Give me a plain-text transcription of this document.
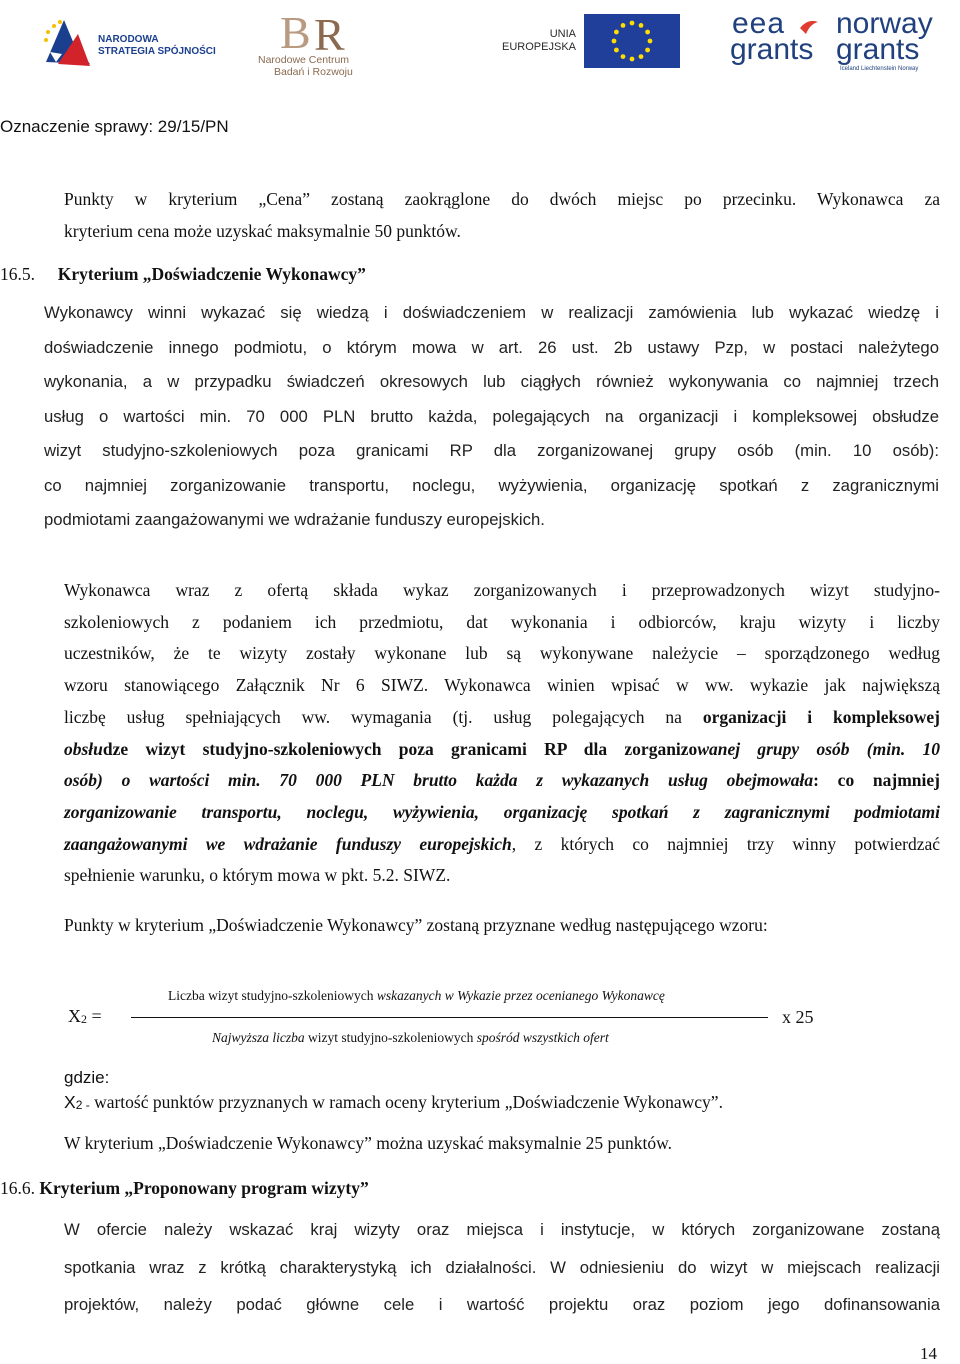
NARODOWA
STRATEGIA SPÓJNOŚCI B R
Narodowe Centrum
Badań i Rozwoju
UNIA
EUROPEJSKA
eea
grants
norway
grants
Iceland Liechtenstein Norway
Oznaczenie sprawy: 29/15/PN
Punkty w kryterium „Cena” zostaną zaokrąglone do dwóch miejsc po przecinku. Wykonawca za
kryterium cena może uzyskać maksymalnie 50 punktów.
16.5. Kryterium „Doświadczenie Wykonawcy”
Wykonawcy winni wykazać się wiedzą i doświadczeniem w realizacji zamówienia lub wykazać wiedzę i
doświadczenie innego podmiotu, o którym mowa w art. 26 ust. 2b ustawy Pzp, w postaci należytego
wykonania, a w przypadku świadczeń okresowych lub ciągłych również wykonywania co najmniej trzech
usług o wartości min. 70 000 PLN brutto każda, polegających na organizacji i kompleksowej obsłudze
wizyt studyjno-szkoleniowych poza granicami RP dla zorganizowanej grupy osób (min. 10 osób):
co najmniej zorganizowanie transportu, noclegu, wyżywienia, organizację spotkań z zagranicznymi
podmiotami zaangażowanymi we wdrażanie funduszy europejskich.
Wykonawca wraz z ofertą składa wykaz zorganizowanych i przeprowadzonych wizyt studyjno-
szkoleniowych z podaniem ich przedmiotu, dat wykonania i odbiorców, kraju wizyty i liczby
uczestników, że te wizyty zostały wykonane lub są wykonywane należycie – sporządzonego według
wzoru stanowiącego Załącznik Nr 6 SIWZ. Wykonawca winien wpisać w ww. wykazie jak największą
liczbę usług spełniających ww. wymagania (tj. usług polegających na organizacji i kompleksowej
obsłudze wizyt studyjno-szkoleniowych poza granicami RP dla zorganizowanej grupy osób (min. 10
osób) o wartości min. 70 000 PLN brutto każda z wykazanych usług obejmowała: co najmniej
zorganizowanie transportu, noclegu, wyżywienia, organizację spotkań z zagranicznymi podmiotami
zaangażowanymi we wdrażanie funduszy europejskich, z których co najmniej trzy winny potwierdzać
spełnienie warunku, o którym mowa w pkt. 5.2. SIWZ.
Punkty w kryterium „Doświadczenie Wykonawcy” zostaną przyznane według następującego wzoru:
X2 =
Liczba wizyt studyjno-szkoleniowych wskazanych w Wykazie przez ocenianego Wykonawcę
Najwyższa liczba wizyt studyjno-szkoleniowych spośród wszystkich ofert
x 25
gdzie:
X2 - wartość punktów przyznanych w ramach oceny kryterium „Doświadczenie Wykonawcy”.
W kryterium „Doświadczenie Wykonawcy” można uzyskać maksymalnie 25 punktów.
16.6. Kryterium „Proponowany program wizyty”
W ofercie należy wskazać kraj wizyty oraz miejsca i instytucje, w których zorganizowane zostaną
spotkania wraz z krótką charakterystyką ich działalności. W odniesieniu do wizyt w miejscach realizacji
projektów, należy podać główne cele i wartość projektu oraz poziom jego dofinansowania
14
